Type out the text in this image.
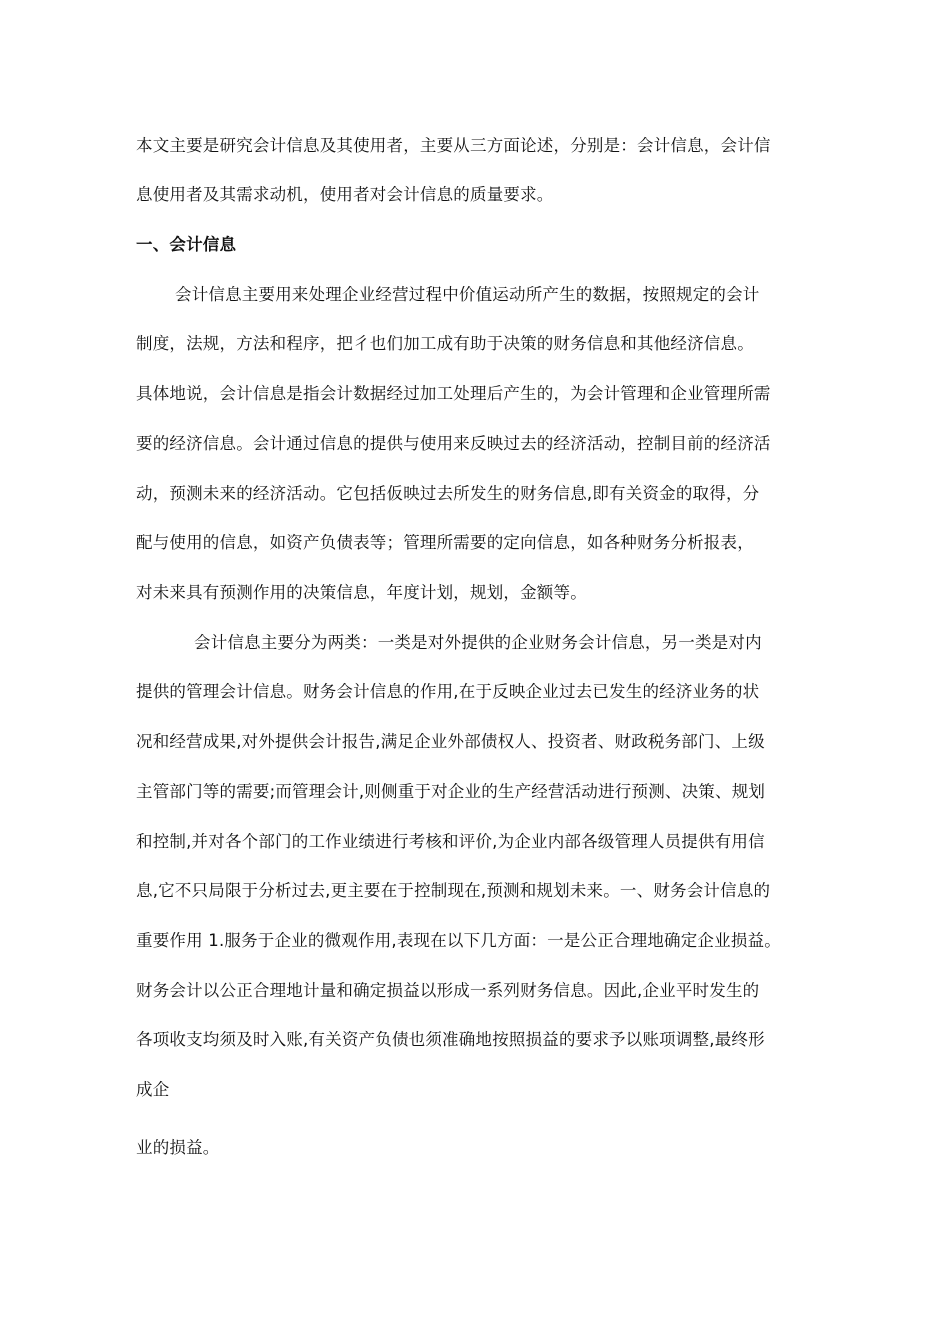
本文主要是研究会计信息及其使用者，主要从三方面论述，分别是：会计信息，会计信
息使用者及其需求动机，使用者对会计信息的质量要求。
一、会计信息
会计信息主要用来处理企业经营过程中价值运动所产生的数据，按照规定的会计
制度，法规，方法和程序，把彳也们加工成有助于决策的财务信息和其他经济信息。
具体地说，会计信息是指会计数据经过加工处理后产生的，为会计管理和企业管理所需
要的经济信息。会计通过信息的提供与使用来反映过去的经济活动，控制目前的经济活
动，预测未来的经济活动。它包括仮映过去所发生的财务信息,即有关资金的取得，分
配与使用的信息，如资产负债表等；管理所需要的定向信息，如各种财务分析报表，
对未来具有预测作用的决策信息，年度计划，规划，金额等。
会计信息主要分为两类：一类是对外提供的企业财务会计信息，另一类是对内
提供的管理会计信息。财务会计信息的作用,在于反映企业过去已发生的经济业务的状
况和经营成果,对外提供会计报告,满足企业外部债权人、投资者、财政税务部门、上级
主管部门等的需要;而管理会计,则侧重于对企业的生产经营活动进行预测、决策、规划
和控制,并对各个部门的工作业绩进行考核和评价,为企业内部各级管理人员提供有用信
息,它不只局限于分析过去,更主要在于控制现在,预测和规划未来。一、财务会计信息的
重要作用 1.服务于企业的微观作用,表现在以下几方面：一是公正合理地确定企业损益。
财务会计以公正合理地计量和确定损益以形成一系列财务信息。因此,企业平时发生的
各项收支均须及时入账,有关资产负债也须准确地按照损益的要求予以账项调整,最终形
成企
业的损益。
